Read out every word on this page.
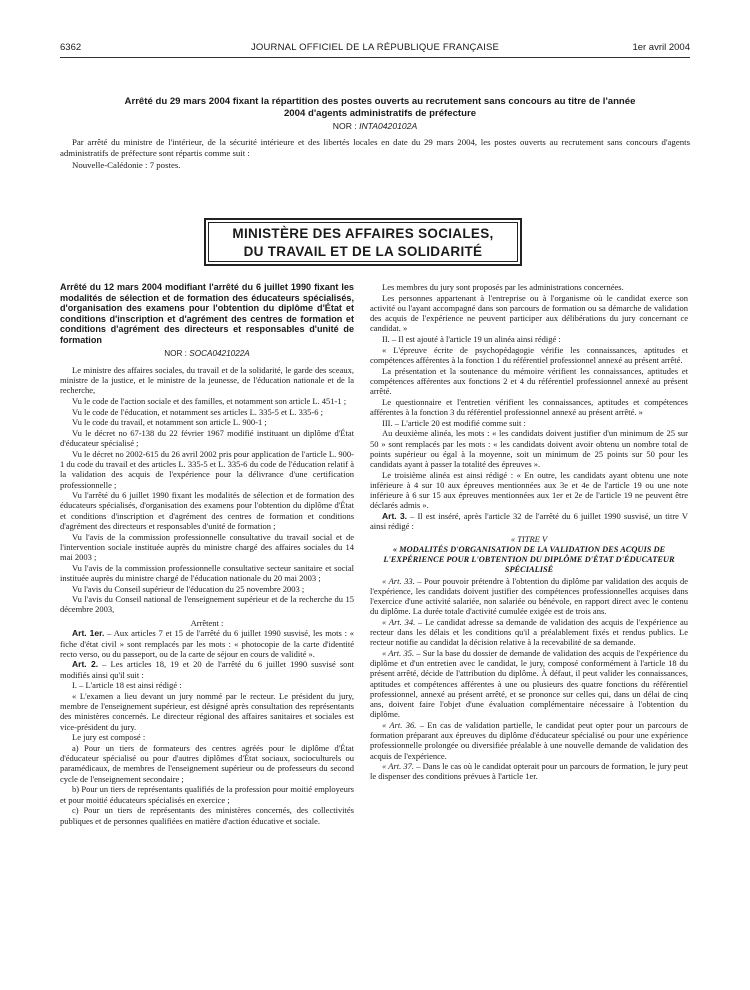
6362	JOURNAL OFFICIEL DE LA RÉPUBLIQUE FRANÇAISE	1er avril 2004
Arrêté du 29 mars 2004 fixant la répartition des postes ouverts au recrutement sans concours au titre de l'année 2004 d'agents administratifs de préfecture
NOR : INTA0420102A

Par arrêté du ministre de l'intérieur, de la sécurité intérieure et des libertés locales en date du 29 mars 2004, les postes ouverts au recrutement sans concours d'agents administratifs de préfecture sont répartis comme suit :

Nouvelle-Calédonie : 7 postes.

MINISTÈRE DES AFFAIRES SOCIALES,
DU TRAVAIL ET DE LA SOLIDARITÉ
Arrêté du 12 mars 2004 modifiant l'arrêté du 6 juillet 1990 fixant les modalités de sélection et de formation des éducateurs spécialisés, d'organisation des examens pour l'obtention du diplôme d'État et conditions d'inscription et d'agrément des centres de formation et conditions d'agrément des directeurs et responsables d'unité de formation
NOR : SOCA0421022A

Le ministre des affaires sociales, du travail et de la solidarité, le garde des sceaux, ministre de la justice, et le ministre de la jeunesse, de l'éducation nationale et de la recherche,

Vu le code de l'action sociale et des familles, et notamment son article L. 451-1 ;

Vu le code de l'éducation, et notamment ses articles L. 335-5 et L. 335-6 ;

Vu le code du travail, et notamment son article L. 900-1 ;

Vu le décret no 67-138 du 22 février 1967 modifié instituant un diplôme d'État d'éducateur spécialisé ;

Vu le décret no 2002-615 du 26 avril 2002 pris pour application de l'article L. 900-1 du code du travail et des articles L. 335-5 et L. 335-6 du code de l'éducation relatif à la validation des acquis de l'expérience pour la délivrance d'une certification professionnelle ;

Vu l'arrêté du 6 juillet 1990 fixant les modalités de sélection et de formation des éducateurs spécialisés, d'organisation des examens pour l'obtention du diplôme d'État et conditions d'inscription et d'agrément des centres de formation et conditions d'agrément des directeurs et responsables d'unité de formation ;

Vu l'avis de la commission professionnelle consultative du travail social et de l'intervention sociale instituée auprès du ministre chargé des affaires sociales du 14 mai 2003 ;

Vu l'avis de la commission professionnelle consultative secteur sanitaire et social instituée auprès du ministre chargé de l'éducation nationale du 20 mai 2003 ;

Vu l'avis du Conseil supérieur de l'éducation du 25 novembre 2003 ;

Vu l'avis du Conseil national de l'enseignement supérieur et de la recherche du 15 décembre 2003,

Arrêtent :

Art. 1er. – Aux articles 7 et 15 de l'arrêté du 6 juillet 1990 susvisé, les mots : « fiche d'état civil » sont remplacés par les mots : « photocopie de la carte d'identité recto verso, ou du passeport, ou de la carte de séjour en cours de validité ».

Art. 2. – Les articles 18, 19 et 20 de l'arrêté du 6 juillet 1990 susvisé sont modifiés ainsi qu'il suit :

I. – L'article 18 est ainsi rédigé :

« L'examen a lieu devant un jury nommé par le recteur. Le président du jury, membre de l'enseignement supérieur, est désigné après consultation des représentants des ministères concernés. Le directeur régional des affaires sanitaires et sociales est vice-président du jury.

Le jury est composé :

a) Pour un tiers de formateurs des centres agréés pour le diplôme d'État d'éducateur spécialisé ou pour d'autres diplômes d'État sociaux, socioculturels ou paramédicaux, de membres de l'enseignement supérieur ou de professeurs du second cycle de l'enseignement secondaire ;

b) Pour un tiers de représentants qualifiés de la profession pour moitié employeurs et pour moitié éducateurs spécialisés en exercice ;

c) Pour un tiers de représentants des ministères concernés, des collectivités publiques et de personnes qualifiées en matière d'action éducative et sociale.

Les membres du jury sont proposés par les administrations concernées.

Les personnes appartenant à l'entreprise ou à l'organisme où le candidat exerce son activité ou l'ayant accompagné dans son parcours de formation ou sa démarche de validation des acquis de l'expérience ne peuvent participer aux délibérations du jury concernant ce candidat. »

II. – Il est ajouté à l'article 19 un alinéa ainsi rédigé :

« L'épreuve écrite de psychopédagogie vérifie les connaissances, aptitudes et compétences afférentes à la fonction 1 du référentiel professionnel annexé au présent arrêté.

La présentation et la soutenance du mémoire vérifient les connaissances, aptitudes et compétences afférentes aux fonctions 2 et 4 du référentiel professionnel annexé au présent arrêté.

Le questionnaire et l'entretien vérifient les connaissances, aptitudes et compétences afférentes à la fonction 3 du référentiel professionnel annexé au présent arrêté. »

III. – L'article 20 est modifié comme suit :

Au deuxième alinéa, les mots : « les candidats doivent justifier d'un minimum de 25 sur 50 » sont remplacés par les mots : « les candidats doivent avoir obtenu un nombre total de points supérieur ou égal à la moyenne, soit un minimum de 25 points sur 50 pour les candidats ayant à passer la totalité des épreuves ».

Le troisième alinéa est ainsi rédigé : « En outre, les candidats ayant obtenu une note inférieure à 4 sur 10 aux épreuves mentionnées aux 3e et 4e de l'article 19 ou une note inférieure à 6 sur 15 aux épreuves mentionnées aux 1er et 2e de l'article 19 ne peuvent être déclarés admis ».

Art. 3. – Il est inséré, après l'article 32 de l'arrêté du 6 juillet 1990 susvisé, un titre V ainsi rédigé :

« TITRE V

« MODALITÉS D'ORGANISATION DE LA VALIDATION DES ACQUIS DE L'EXPÉRIENCE POUR L'OBTENTION DU DIPLÔME D'ÉTAT D'ÉDUCATEUR SPÉCIALISÉ

« Art. 33. – Pour pouvoir prétendre à l'obtention du diplôme par validation des acquis de l'expérience, les candidats doivent justifier des compétences professionnelles acquises dans l'exercice d'une activité salariée, non salariée ou bénévole, en rapport direct avec le contenu du diplôme. La durée totale d'activité cumulée exigée est de trois ans.

« Art. 34. – Le candidat adresse sa demande de validation des acquis de l'expérience au recteur dans les délais et les conditions qu'il a préalablement fixés et rendus publics. Le recteur notifie au candidat la décision relative à la recevabilité de sa demande.

« Art. 35. – Sur la base du dossier de demande de validation des acquis de l'expérience du diplôme et d'un entretien avec le candidat, le jury, composé conformément à l'article 18 du présent arrêté, décide de l'attribution du diplôme. À défaut, il peut valider les connaissances, aptitudes et compétences afférentes à une ou plusieurs des quatre fonctions du référentiel professionnel, annexé au présent arrêté, et se prononce sur celles qui, dans un délai de cinq ans, doivent faire l'objet d'une évaluation complémentaire nécessaire à l'obtention du diplôme.

« Art. 36. – En cas de validation partielle, le candidat peut opter pour un parcours de formation préparant aux épreuves du diplôme d'éducateur spécialisé ou pour une expérience professionnelle prolongée ou diversifiée préalable à une nouvelle demande de validation des acquis de l'expérience.

« Art. 37. – Dans le cas où le candidat opterait pour un parcours de formation, le jury peut le dispenser des conditions prévues à l'article 1er.
